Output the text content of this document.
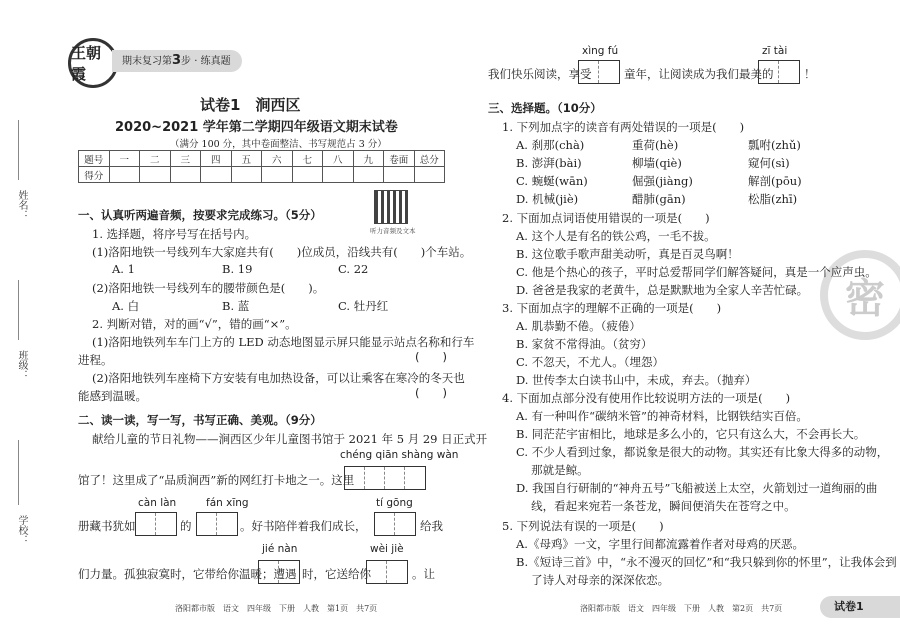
王朝霞
期末复习第3步 · 练真题
姓名：
班级：
学校：
试卷1　涧西区
2020~2021 学年第二学期四年级语文期末试卷
（满分 100 分，其中卷面整洁、书写规范占 3 分）
题号	一	二	三	四	五	六	七	八	九	卷面	总分
得分											
听力音频及文本
一、认真听两遍音频，按要求完成练习。（5分）
1. 选择题，将序号写在括号内。
(1)洛阳地铁一号线列车大家庭共有(　　)位成员，沿线共有(　　)个车站。
A. 1	B. 19	C. 22
(2)洛阳地铁一号线列车的腰带颜色是(　　)。
A. 白	B. 蓝	C. 牡丹红
2. 判断对错，对的画“√”，错的画“×”。
(1)洛阳地铁列车车门上方的 LED 动态地图显示屏只能显示站点名称和行车
进程。	(　　)
(2)洛阳地铁列车座椅下方安装有电加热设备，可以让乘客在寒冷的冬天也
能感到温暖。	(　　)
二、读一读，写一写，书写正确、美观。（9分）
献给儿童的节日礼物——涧西区少年儿童图书馆于 2021 年 5 月 29 日正式开
chéng qiān shàng wàn
馆了！这里成了“品质涧西”新的网红打卡地之一。这里
càn làn	fán xīng	tí gōng
册藏书犹如	的	。好书陪伴着我们成长，	给我
jié nàn	wèi jiè
们力量。孤独寂寞时，它带给你温暖；遭遇 时，它送给你	。让
洛阳都市版　语文　四年级　下册　人教　第1页　共7页
xìng fú	zī tài
我们快乐阅读，享受	童年，让阅读成为我们最美的	！
三、选择题。（10分）
1. 下列加点字的读音有两处错误的一项是(　　)
2. 下面加点词语使用错误的一项是(　　)
3. 下面加点字的理解不正确的一项是(　　)
4. 下面加点部分没有使用作比较说明方法的一项是(　　)
5. 下列说法有误的一项是(　　)
密
洛阳都市版　语文　四年级　下册　人教　第2页　共7页	试卷1
A. 刹那(chà)	重荷(hè)	瓢咐(zhǔ)
B. 澎湃(bài)	柳墙(qiè)	窥何(sì)
C. 蜿蜒(wān)	倔强(jiàng)	解剖(pōu)
D. 机械(jiè)	醋肺(gān)	松脂(zhī)
A. 这个人是有名的铁公鸡，一毛不拔。
B. 这位歌手歌声甜美动听，真是百灵鸟啊！
C. 他是个热心的孩子，平时总爱帮同学们解答疑问，真是一个应声虫。
D. 爸爸是我家的老黄牛，总是默默地为全家人辛苦忙碌。
A. 肌恭勤不倦。（疲倦）
B. 家贫不常得油。（贫穷）
C. 不忽天，不尤人。（埋怨）
D. 世传李太白读书山中，未成，弃去。（抛弃）
A. 有一种叫作“碳纳米管”的神奇材料，比钢铁结实百倍。
B. 同茫茫宇宙相比，地球是多么小的，它只有这么大，不会再长大。
C. 不少人看到过象，都说象是很大的动物。其实还有比象大得多的动物，
　 那就是鲸。
D. 我国自行研制的“神舟五号”飞船被送上太空，火箭划过一道绚丽的曲
　 线，看起来宛若一条苍龙，瞬间便消失在苍穹之中。
A.《母鸡》一文，字里行间都流露着作者对母鸡的厌恶。
B.《短诗三首》中，“永不漫灭的回忆”和“我只躲到你的怀里”，让我体会到
　 了诗人对母亲的深深依恋。
